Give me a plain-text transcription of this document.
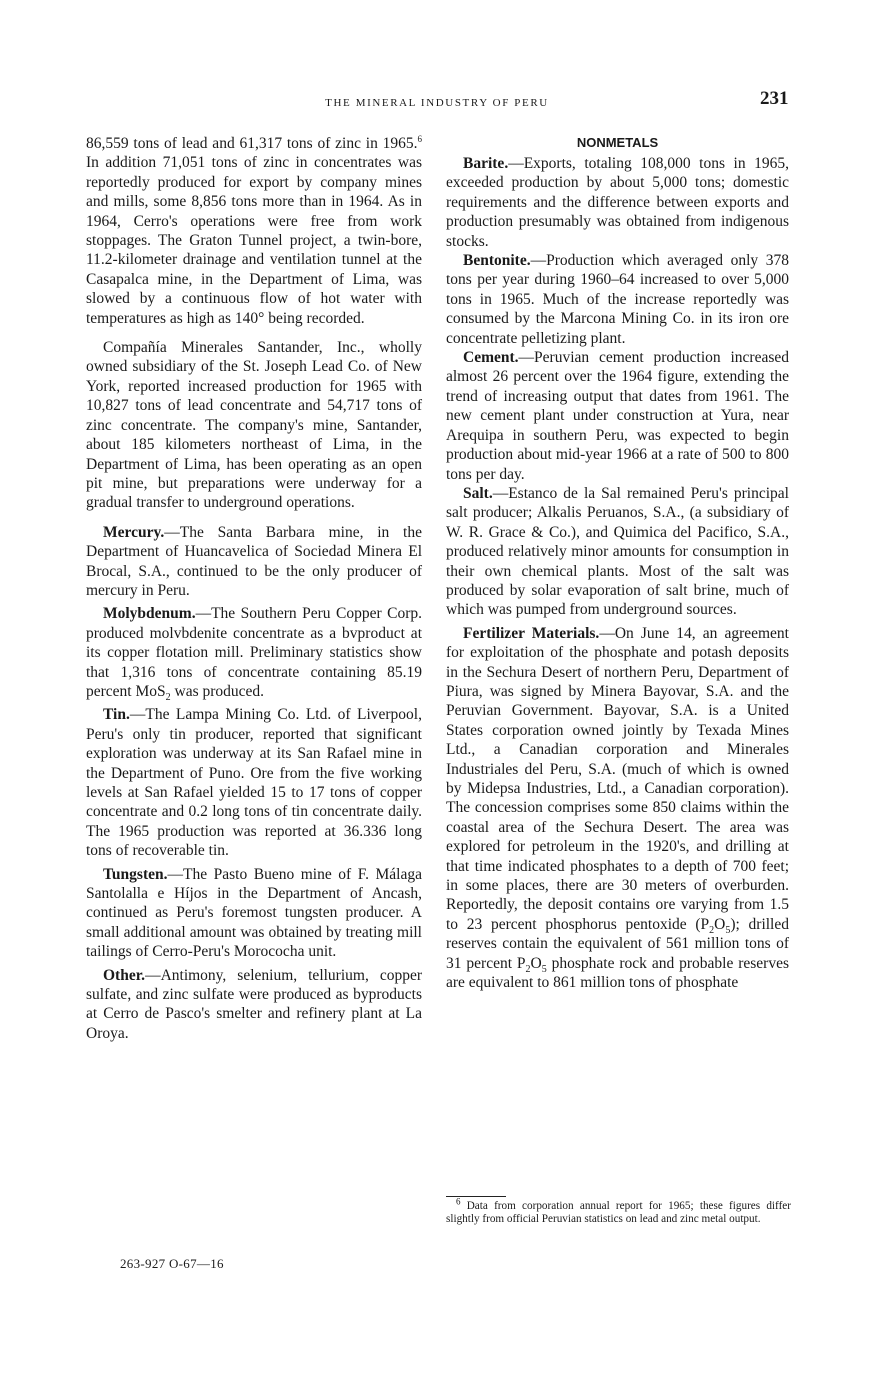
THE MINERAL INDUSTRY OF PERU	231

86,559 tons of lead and 61,317 tons of zinc in 1965.$^6$ In addition 71,051 tons of zinc in concentrates was reportedly produced for export by company mines and mills, some 8,856 tons more than in 1964. As in 1964, Cerro's operations were free from work stoppages. The Graton Tunnel project, a twin-bore, 11.2-kilometer drainage and ventilation tunnel at the Casapalca mine, in the Department of Lima, was slowed by a continuous flow of hot water with temperatures as high as 140° being recorded.

Compañía Minerales Santander, Inc., wholly owned subsidiary of the St. Joseph Lead Co. of New York, reported increased production for 1965 with 10,827 tons of lead concentrate and 54,717 tons of zinc concentrate. The company's mine, Santander, about 185 kilometers northeast of Lima, in the Department of Lima, has been operating as an open pit mine, but preparations were underway for a gradual transfer to underground operations.

Mercury.—The Santa Barbara mine, in the Department of Huancavelica of Sociedad Minera El Brocal, S.A., continued to be the only producer of mercury in Peru.

Molybdenum.—The Southern Peru Copper Corp. produced molvbdenite concentrate as a bvproduct at its copper flotation mill. Preliminary statistics show that 1,316 tons of concentrate containing 85.19 percent MoS$_2$ was produced.

Tin.—The Lampa Mining Co. Ltd. of Liverpool, Peru's only tin producer, reported that significant exploration was underway at its San Rafael mine in the Department of Puno. Ore from the five working levels at San Rafael yielded 15 to 17 tons of copper concentrate and 0.2 long tons of tin concentrate daily. The 1965 production was reported at 36.336 long tons of recoverable tin.

Tungsten.—The Pasto Bueno mine of F. Málaga Santolalla e Híjos in the Department of Ancash, continued as Peru's foremost tungsten producer. A small additional amount was obtained by treating mill tailings of Cerro-Peru's Morococha unit.

Other.—Antimony, selenium, tellurium, copper sulfate, and zinc sulfate were produced as byproducts at Cerro de Pasco's smelter and refinery plant at La Oroya.

NONMETALS

Barite.—Exports, totaling 108,000 tons in 1965, exceeded production by about 5,000 tons; domestic requirements and the difference between exports and production presumably was obtained from indigenous stocks.

Bentonite.—Production which averaged only 378 tons per year during 1960–64 increased to over 5,000 tons in 1965. Much of the increase reportedly was consumed by the Marcona Mining Co. in its iron ore concentrate pelletizing plant.

Cement.—Peruvian cement production increased almost 26 percent over the 1964 figure, extending the trend of increasing output that dates from 1961. The new cement plant under construction at Yura, near Arequipa in southern Peru, was expected to begin production about mid-year 1966 at a rate of 500 to 800 tons per day.

Salt.—Estanco de la Sal remained Peru's principal salt producer; Alkalis Peruanos, S.A., (a subsidiary of W. R. Grace & Co.), and Quimica del Pacifico, S.A., produced relatively minor amounts for consumption in their own chemical plants. Most of the salt was produced by solar evaporation of salt brine, much of which was pumped from underground sources.

Fertilizer Materials.—On June 14, an agreement for exploitation of the phosphate and potash deposits in the Sechura Desert of northern Peru, Department of Piura, was signed by Minera Bayovar, S.A. and the Peruvian Government. Bayovar, S.A. is a United States corporation owned jointly by Texada Mines Ltd., a Canadian corporation and Minerales Industriales del Peru, S.A. (much of which is owned by Midepsa Industries, Ltd., a Canadian corporation). The concession comprises some 850 claims within the coastal area of the Sechura Desert. The area was explored for petroleum in the 1920's, and drilling at that time indicated phosphates to a depth of 700 feet; in some places, there are 30 meters of overburden. Reportedly, the deposit contains ore varying from 1.5 to 23 percent phosphorus pentoxide $(P_2O_5)$; drilled reserves contain the equivalent of 561 million tons of 31 percent $P_2O_5$ phosphate rock and probable reserves are equivalent to 861 million tons of phosphate

$^6$ Data from corporation annual report for 1965; these figures differ slightly from official Peruvian statistics on lead and zinc metal output.
263-927 O-67—16
